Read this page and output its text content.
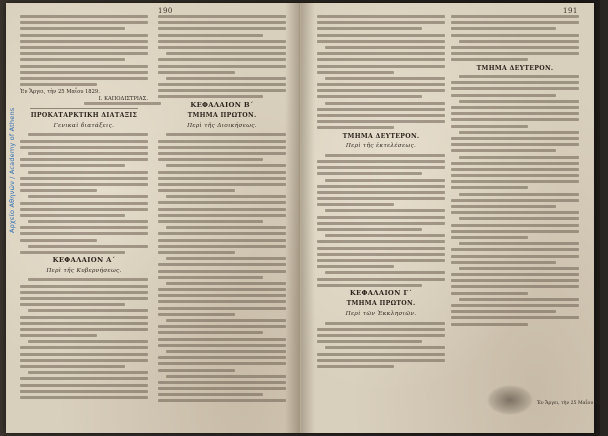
190
Αρχείο Αθηνών / Academy of Athens
Ἐν Ἄργει, τὴν 25 Μαΐου 1829.
Ι. ΚΑΠΟΔΙΣΤΡΙΑΣ.
ΠΡΟΚΑΤΑΡΚΤΙΚΗ ΔΙΑΤΑΞΙΣ
Γενικαὶ διατάξεις.
ΚΕΦΑΛΑΙΟΝ Α΄
Περὶ τῆς Κυβερνήσεως.
ΚΕΦΑΛΑΙΟΝ Β΄
ΤΜΗΜΑ ΠΡΩΤΟΝ.
Περὶ τῆς Διοικήσεως.
191
ΤΜΗΜΑ ΔΕΥΤΕΡΟΝ.
Περὶ τῆς ἐκτελέσεως.
ΚΕΦΑΛΑΙΟΝ Γ΄
ΤΜΗΜΑ ΠΡΩΤΟΝ.
Περὶ τῶν Ἐκκλησιῶν.
ΤΜΗΜΑ ΔΕΥΤΕΡΟΝ.
Ἐν Ἄργει, τὴν 25 Μαΐου 1829.
